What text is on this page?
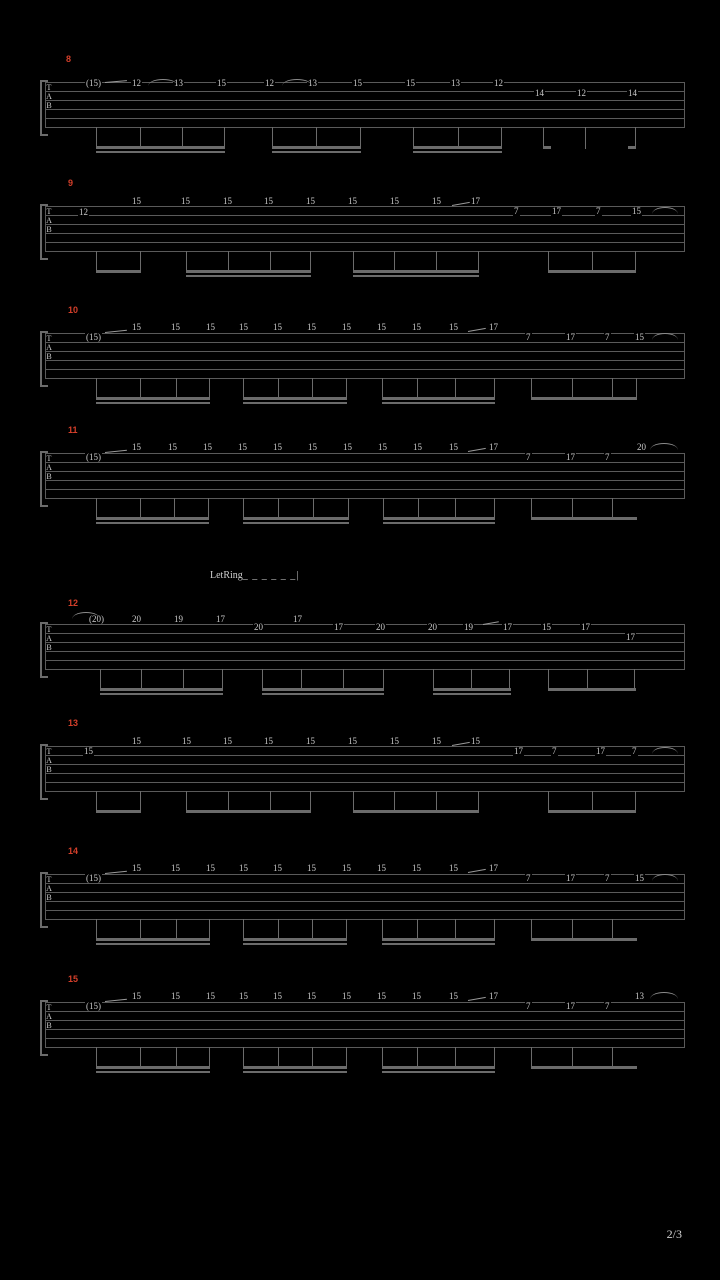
8
T
A
B
(15)	12	13	15	12	13	15	15	13	12
14	12	14
9
T
A
B
12
15	15	15	15	15	15	15	15	17
7	17	7	15
10
T
A
B
(15)
15	15	15	15	15	15	15	15	15	15	17
7	17	7	15
11
T
A
B
(15)
15	15	15	15	15	15	15	15	15	15	17
7	17	7
20
LetRing_ _ _ _ _ _|
12
T
A
B
(20)	20	19	17
20
17
17	20	20	19	17	15	17
17
13
T
A
B
15
15	15	15	15	15	15	15	15	15
17	7	17	7
14
T
A
B
(15)
15	15	15	15	15	15	15	15	15	15	17
7	17	7	15
15
T
A
B
(15)
15	15	15	15	15	15	15	15	15	15	17
7	17	7
13
2/3
